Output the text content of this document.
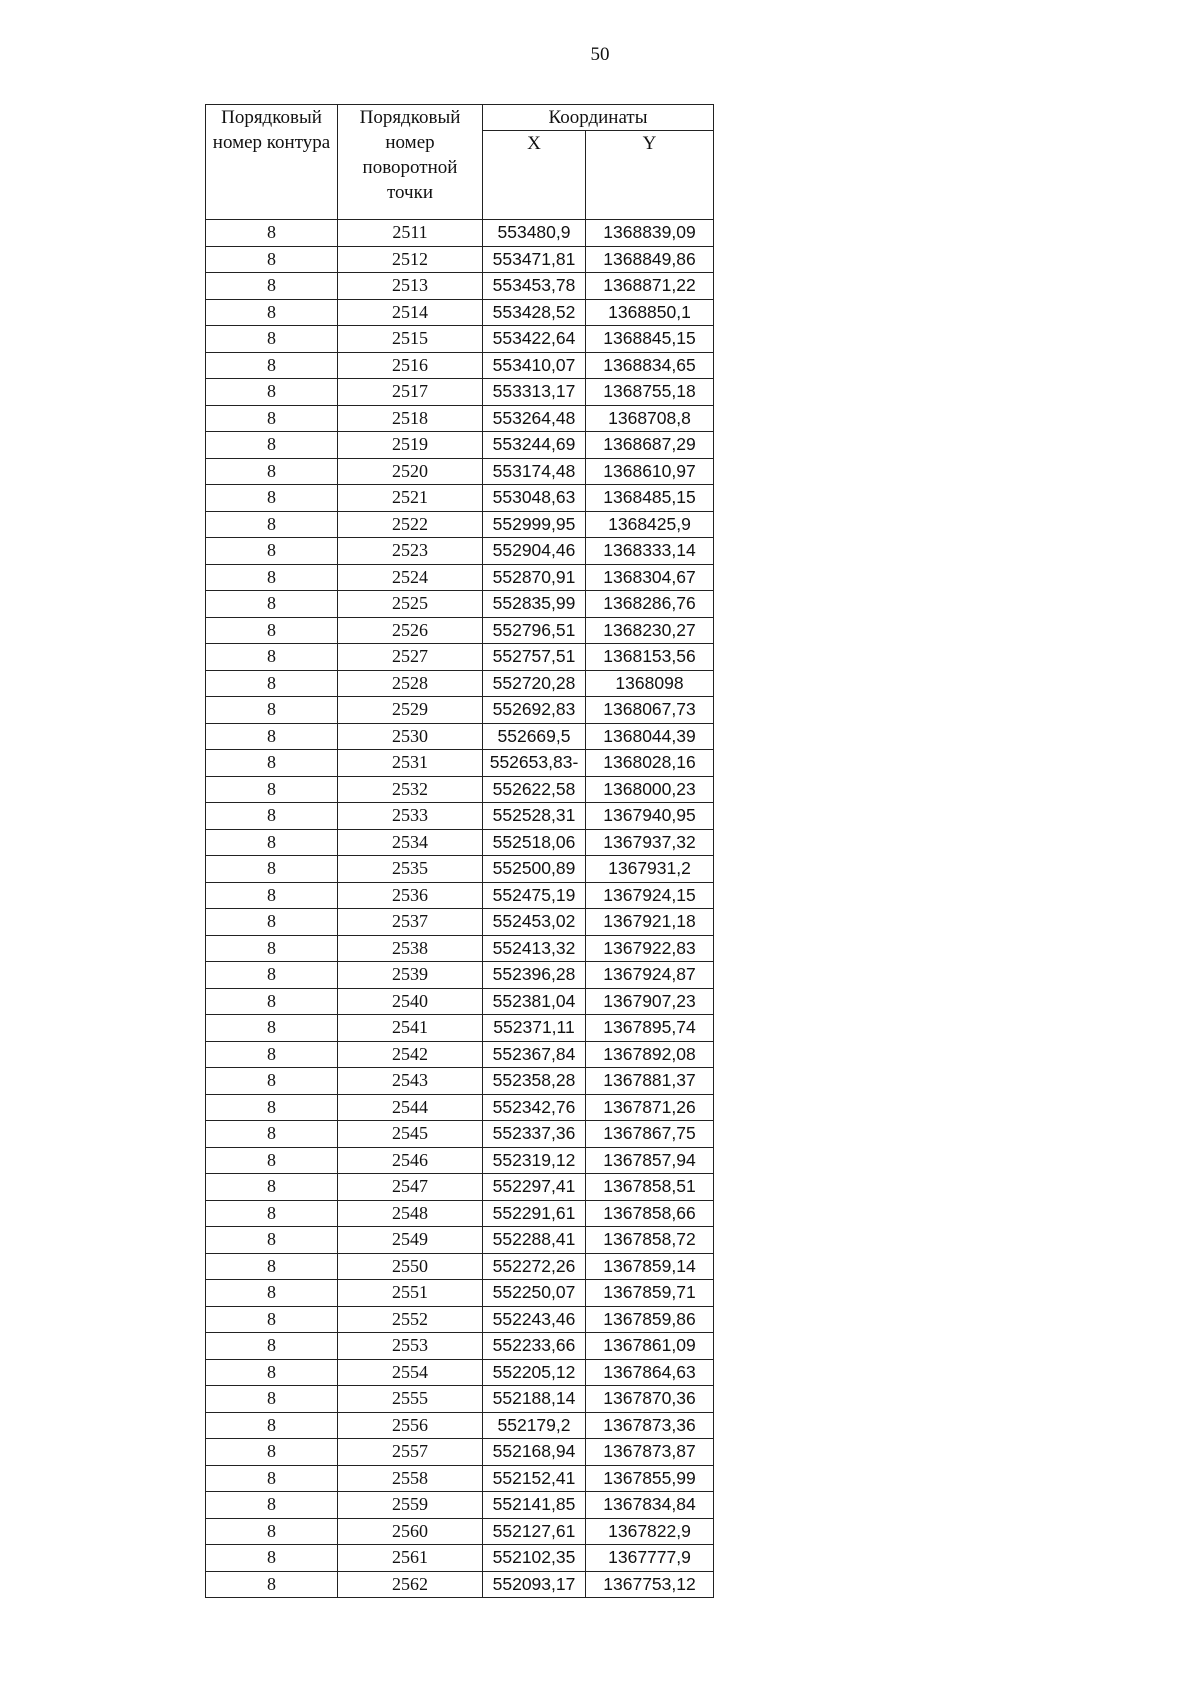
50
Порядковый номер контура	Порядковый номер поворотной точки	Координаты	
		X	Y
8	2511	553480,9	1368839,09
8	2512	553471,81	1368849,86
8	2513	553453,78	1368871,22
8	2514	553428,52	1368850,1
8	2515	553422,64	1368845,15
8	2516	553410,07	1368834,65
8	2517	553313,17	1368755,18
8	2518	553264,48	1368708,8
8	2519	553244,69	1368687,29
8	2520	553174,48	1368610,97
8	2521	553048,63	1368485,15
8	2522	552999,95	1368425,9
8	2523	552904,46	1368333,14
8	2524	552870,91	1368304,67
8	2525	552835,99	1368286,76
8	2526	552796,51	1368230,27
8	2527	552757,51	1368153,56
8	2528	552720,28	1368098
8	2529	552692,83	1368067,73
8	2530	552669,5	1368044,39
8	2531	552653,83-	1368028,16
8	2532	552622,58	1368000,23
8	2533	552528,31	1367940,95
8	2534	552518,06	1367937,32
8	2535	552500,89	1367931,2
8	2536	552475,19	1367924,15
8	2537	552453,02	1367921,18
8	2538	552413,32	1367922,83
8	2539	552396,28	1367924,87
8	2540	552381,04	1367907,23
8	2541	552371,11	1367895,74
8	2542	552367,84	1367892,08
8	2543	552358,28	1367881,37
8	2544	552342,76	1367871,26
8	2545	552337,36	1367867,75
8	2546	552319,12	1367857,94
8	2547	552297,41	1367858,51
8	2548	552291,61	1367858,66
8	2549	552288,41	1367858,72
8	2550	552272,26	1367859,14
8	2551	552250,07	1367859,71
8	2552	552243,46	1367859,86
8	2553	552233,66	1367861,09
8	2554	552205,12	1367864,63
8	2555	552188,14	1367870,36
8	2556	552179,2	1367873,36
8	2557	552168,94	1367873,87
8	2558	552152,41	1367855,99
8	2559	552141,85	1367834,84
8	2560	552127,61	1367822,9
8	2561	552102,35	1367777,9
8	2562	552093,17	1367753,12
